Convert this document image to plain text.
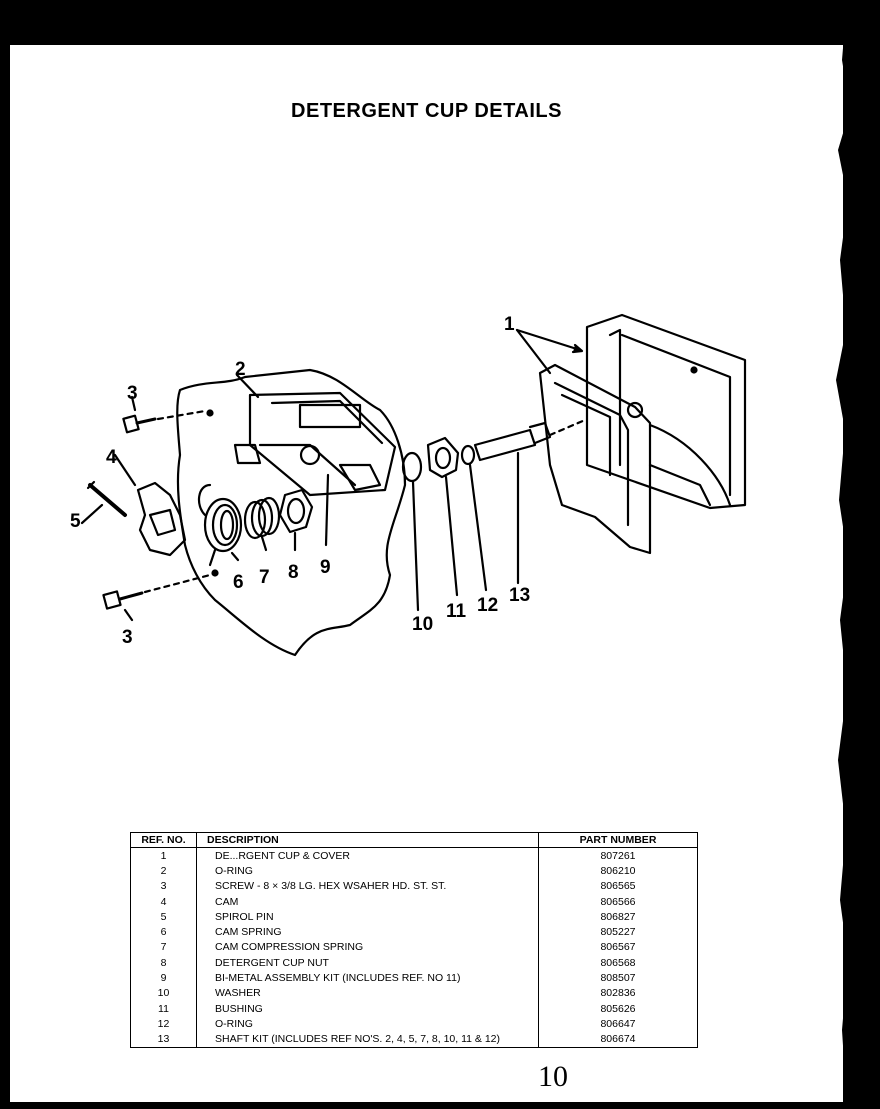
DETERGENT CUP DETAILS
1
2
3
4
5
6 7 8 9
10
11 12 13
3
REF. NO.	DESCRIPTION	PART NUMBER
1	DE...RGENT CUP & COVER	807261
2	O-RING	806210
3	SCREW - 8 × 3/8 LG. HEX WSAHER HD. ST. ST.	806565
4	CAM	806566
5	SPIROL PIN	806827
6	CAM SPRING	805227
7	CAM COMPRESSION SPRING	806567
8	DETERGENT CUP NUT	806568
9	BI-METAL ASSEMBLY KIT (INCLUDES REF. NO 11)	808507
10	WASHER	802836
11	BUSHING	805626
12	O-RING	806647
13	SHAFT KIT (INCLUDES REF NO'S. 2, 4, 5, 7, 8, 10, 11 & 12)	806674
10
